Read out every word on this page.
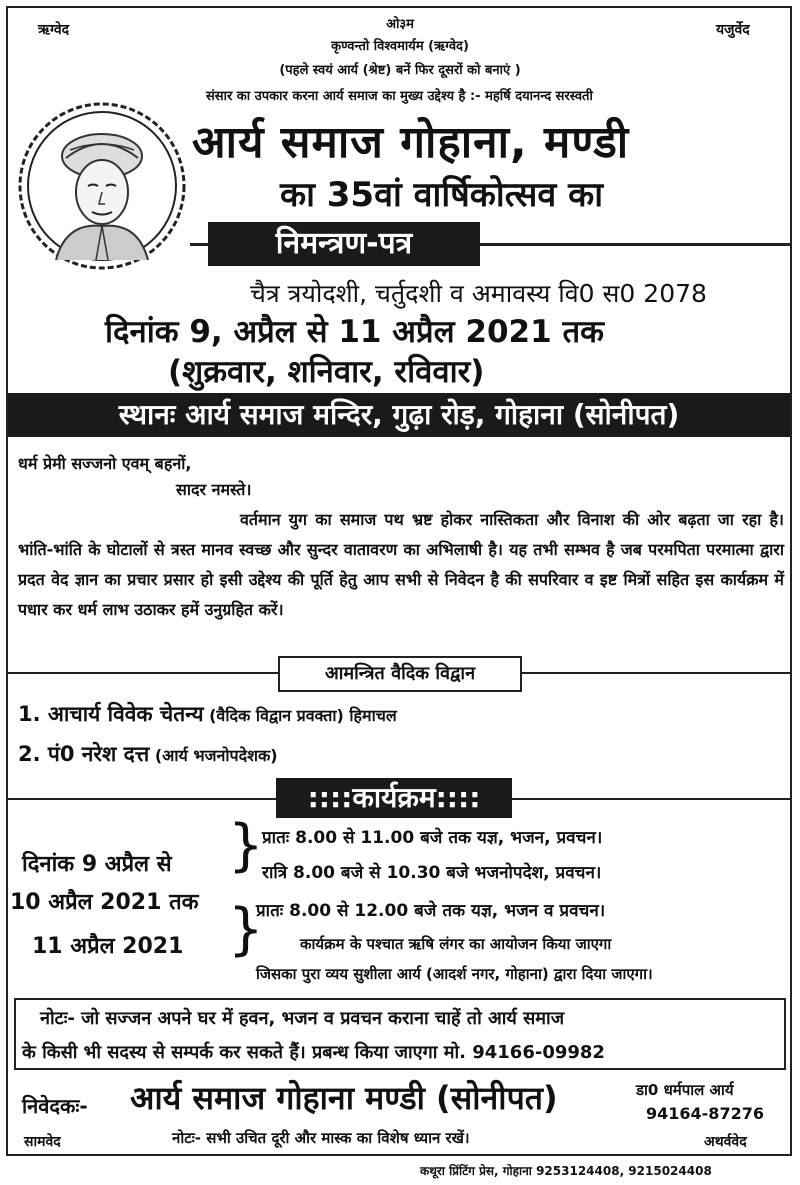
ऋग्वेद	यजुर्वेद
ओ३म
कृण्वन्तो विश्वमार्यम (ऋग्वेद)
(पहले स्वयं आर्य (श्रेष्ट) बनें फिर दूसरों को बनाएं )
संसार का उपकार करना आर्य समाज का मुख्य उद्देश्य है :- महर्षि दयानन्द सरस्वती
आर्य समाज गोहाना, मण्डी
का 35वां वार्षिकोत्सव का
निमन्त्रण-पत्र
चैत्र त्रयोदशी, चर्तुदशी व अमावस्य वि0 स0 2078
दिनांक 9, अप्रैल से 11 अप्रैल 2021 तक
(शुक्रवार, शनिवार, रविवार)
स्थानः आर्य समाज मन्दिर, गुढ़ा रोड़, गोहाना (सोनीपत)
धर्म प्रेमी सज्जनो एवम् बहनों,
सादर नमस्ते।
वर्तमान युग का समाज पथ भ्रष्ट होकर नास्तिकता और विनाश की ओर बढ़ता जा रहा है। भांति-भांति के घोटालों से त्रस्त मानव स्वच्छ और सुन्दर वातावरण का अभिलाषी है। यह तभी सम्भव है जब परमपिता परमात्मा द्वारा प्रदत वेद ज्ञान का प्रचार प्रसार हो इसी उद्देश्य की पूर्ति हेतु आप सभी से निवेदन है की सपरिवार व इष्ट मित्रों सहित इस कार्यक्रम में पधार कर धर्म लाभ उठाकर हमें उनुग्रहित करें।
आमन्त्रित वैदिक विद्वान
1. आचार्य विवेक चेतन्य (वैदिक विद्वान प्रवक्ता) हिमाचल
2. पं0 नरेश दत्त (आर्य भजनोपदेशक)
::::कार्यक्रम::::
दिनांक 9 अप्रैल से
10 अप्रैल 2021 तक
}
प्रातः 8.00 से 11.00 बजे तक यज्ञ, भजन, प्रवचन।
रात्रि 8.00 बजे से 10.30 बजे भजनोपदेश, प्रवचन।
11 अप्रैल 2021 }
प्रातः 8.00 से 12.00 बजे तक यज्ञ, भजन व प्रवचन।
कार्यक्रम के पश्चात ऋषि लंगर का आयोजन किया जाएगा
जिसका पुरा व्यय सुशीला आर्य (आदर्श नगर, गोहाना) द्वारा दिया जाएगा।
नोटः- जो सज्जन अपने घर में हवन, भजन व प्रवचन कराना चाहें तो आर्य समाज
के किसी भी सदस्य से सम्पर्क कर सकते हैं। प्रबन्ध किया जाएगा मो. 94166-09982
निवेदकः- आर्य समाज गोहाना मण्डी (सोनीपत)	डा0 धर्मपाल आर्य
94164-87276
सामवेद	नोटः- सभी उचित दूरी और मास्क का विशेष ध्यान रखें।	अथर्ववेद
कथूरा प्रिंटिंग प्रेस, गोहाना 9253124408, 9215024408
